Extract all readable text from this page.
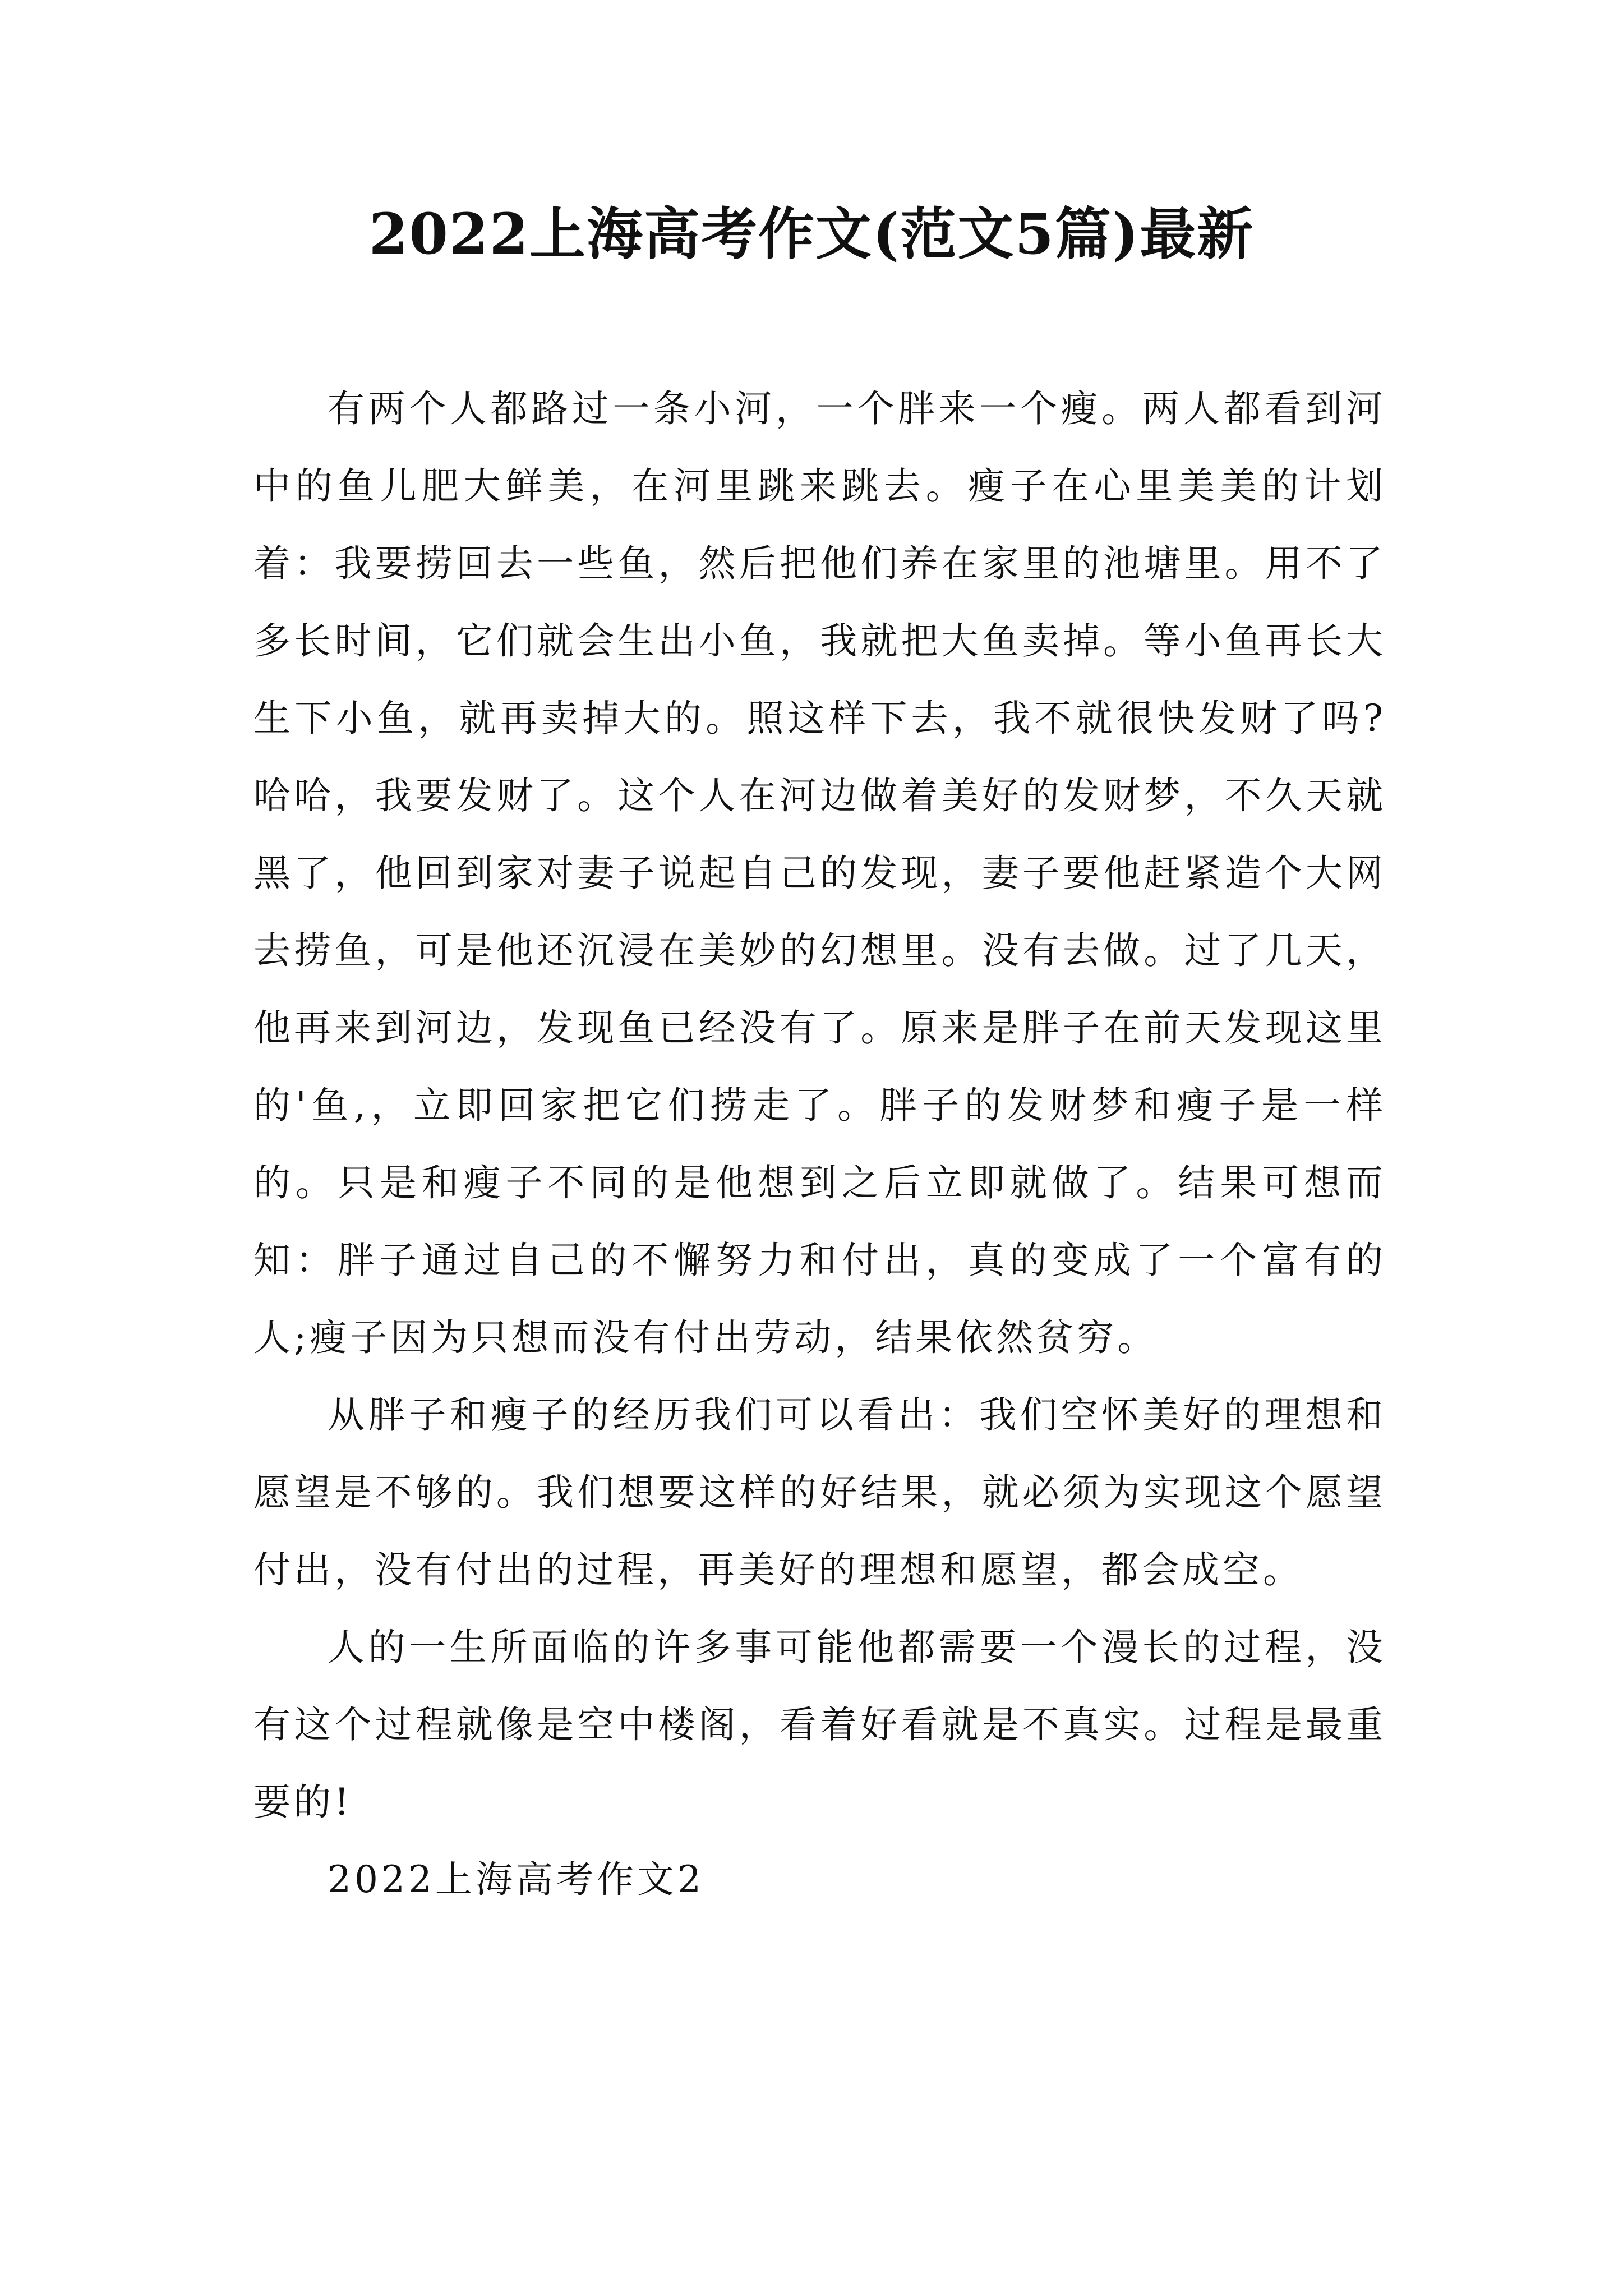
2022上海高考作文(范文5篇)最新

有两个人都路过一条小河，一个胖来一个瘦。两人都看到河中的鱼儿肥大鲜美，在河里跳来跳去。瘦子在心里美美的计划着：我要捞回去一些鱼，然后把他们养在家里的池塘里。用不了多长时间，它们就会生出小鱼，我就把大鱼卖掉。等小鱼再长大生下小鱼，就再卖掉大的。照这样下去，我不就很快发财了吗?哈哈，我要发财了。这个人在河边做着美好的发财梦，不久天就黑了，他回到家对妻子说起自己的发现，妻子要他赶紧造个大网去捞鱼，可是他还沉浸在美妙的幻想里。没有去做。过了几天，他再来到河边，发现鱼已经没有了。原来是胖子在前天发现这里的'鱼,，立即回家把它们捞走了。胖子的发财梦和瘦子是一样的。只是和瘦子不同的是他想到之后立即就做了。结果可想而知：胖子通过自己的不懈努力和付出，真的变成了一个富有的人;瘦子因为只想而没有付出劳动，结果依然贫穷。

从胖子和瘦子的经历我们可以看出：我们空怀美好的理想和愿望是不够的。我们想要这样的好结果，就必须为实现这个愿望付出，没有付出的过程，再美好的理想和愿望，都会成空。

人的一生所面临的许多事可能他都需要一个漫长的过程，没有这个过程就像是空中楼阁，看着好看就是不真实。过程是最重要的!

2022上海高考作文2
